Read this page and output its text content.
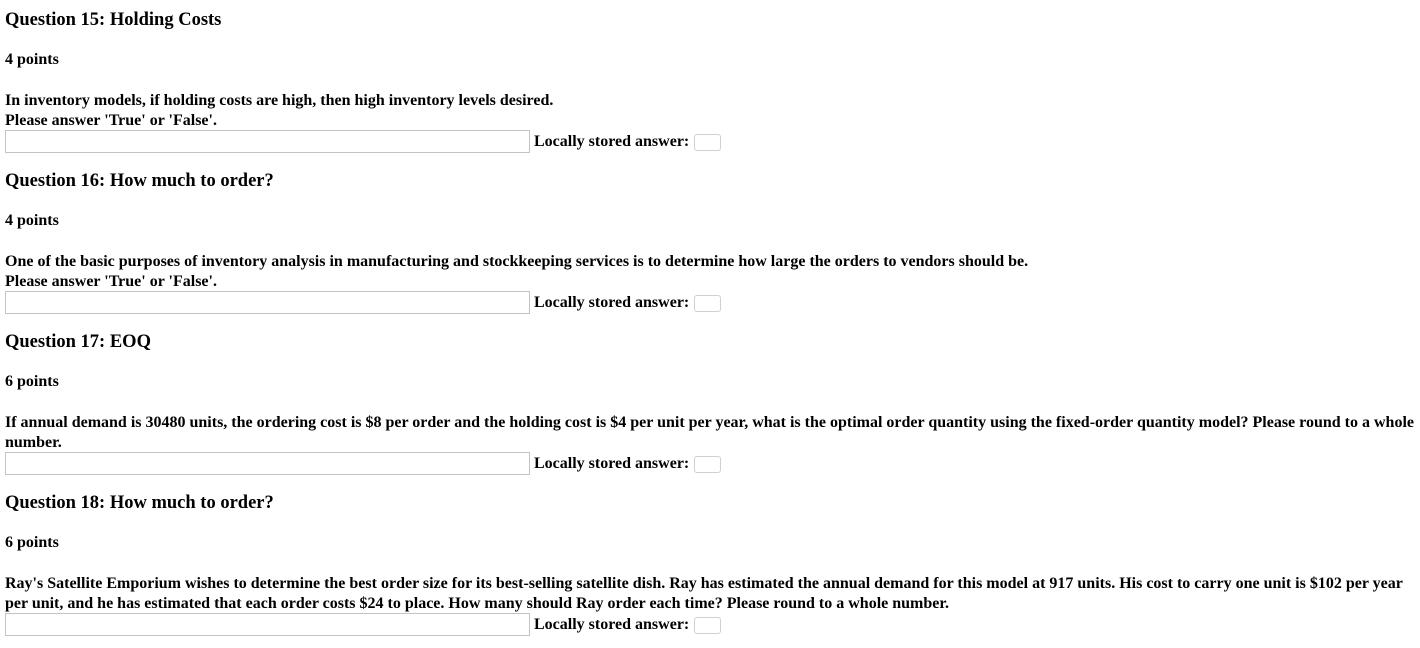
Question 15: Holding Costs

4 points

In inventory models, if holding costs are high, then high inventory levels desired.
Please answer 'True' or 'False'.

Locally stored answer:
Question 16: How much to order?

4 points

One of the basic purposes of inventory analysis in manufacturing and stockkeeping services is to determine how large the orders to vendors should be.
Please answer 'True' or 'False'.

Locally stored answer:
Question 17: EOQ

6 points

If annual demand is 30480 units, the ordering cost is $8 per order and the holding cost is $4 per unit per year, what is the optimal order quantity using the fixed-order quantity model? Please round to a whole number.

Locally stored answer:
Question 18: How much to order?

6 points

Ray's Satellite Emporium wishes to determine the best order size for its best-selling satellite dish. Ray has estimated the annual demand for this model at 917 units. His cost to carry one unit is $102 per year per unit, and he has estimated that each order costs $24 to place. How many should Ray order each time? Please round to a whole number.

Locally stored answer:
